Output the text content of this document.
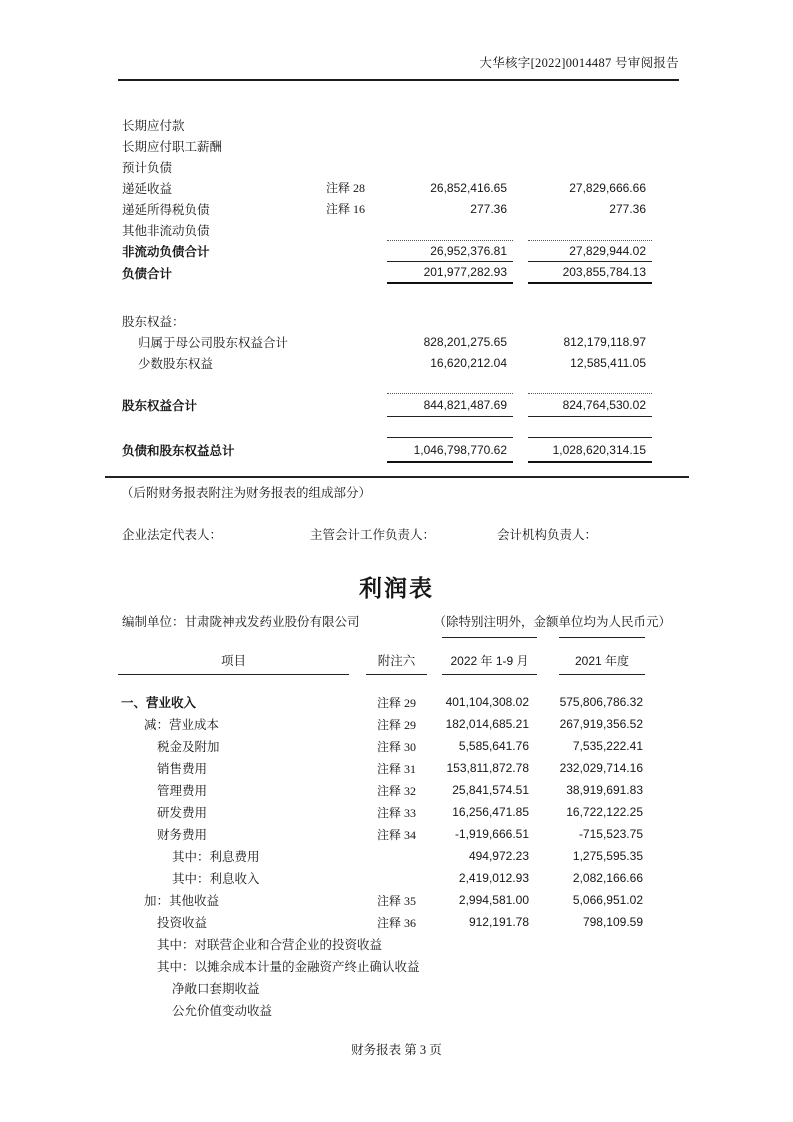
大华核字[2022]0014487 号审阅报告
长期应付款
长期应付职工薪酬
预计负债
递延收益	注释 28	26,852,416.65	27,829,666.66
递延所得税负债	注释 16	277.36	277.36
其他非流动负债
非流动负债合计	26,952,376.81	27,829,944.02
负债合计	201,977,282.93	203,855,784.13
股东权益：
归属于母公司股东权益合计	828,201,275.65	812,179,118.97
少数股东权益	16,620,212.04	12,585,411.05
股东权益合计	844,821,487.69	824,764,530.02
负债和股东权益总计	1,046,798,770.62	1,028,620,314.15
（后附财务报表附注为财务报表的组成部分）
企业法定代表人：	主管会计工作负责人：	会计机构负责人：
利润表
编制单位：甘肃陇神戎发药业股份有限公司	（除特别注明外，金额单位均为人民币元）
项目	附注六	2022 年 1-9 月	2021 年度
一、营业收入	注释 29	401,104,308.02	575,806,786.32
减：营业成本	注释 29	182,014,685.21	267,919,356.52
税金及附加	注释 30	5,585,641.76	7,535,222.41
销售费用	注释 31	153,811,872.78	232,029,714.16
管理费用	注释 32	25,841,574.51	38,919,691.83
研发费用	注释 33	16,256,471.85	16,722,122.25
财务费用	注释 34	-1,919,666.51	-715,523.75
其中：利息费用	494,972.23	1,275,595.35
其中：利息收入	2,419,012.93	2,082,166.66
加：其他收益	注释 35	2,994,581.00	5,066,951.02
投资收益	注释 36	912,191.78	798,109.59
其中：对联营企业和合营企业的投资收益
其中：以摊余成本计量的金融资产终止确认收益
净敞口套期收益
公允价值变动收益
财务报表 第 3 页
